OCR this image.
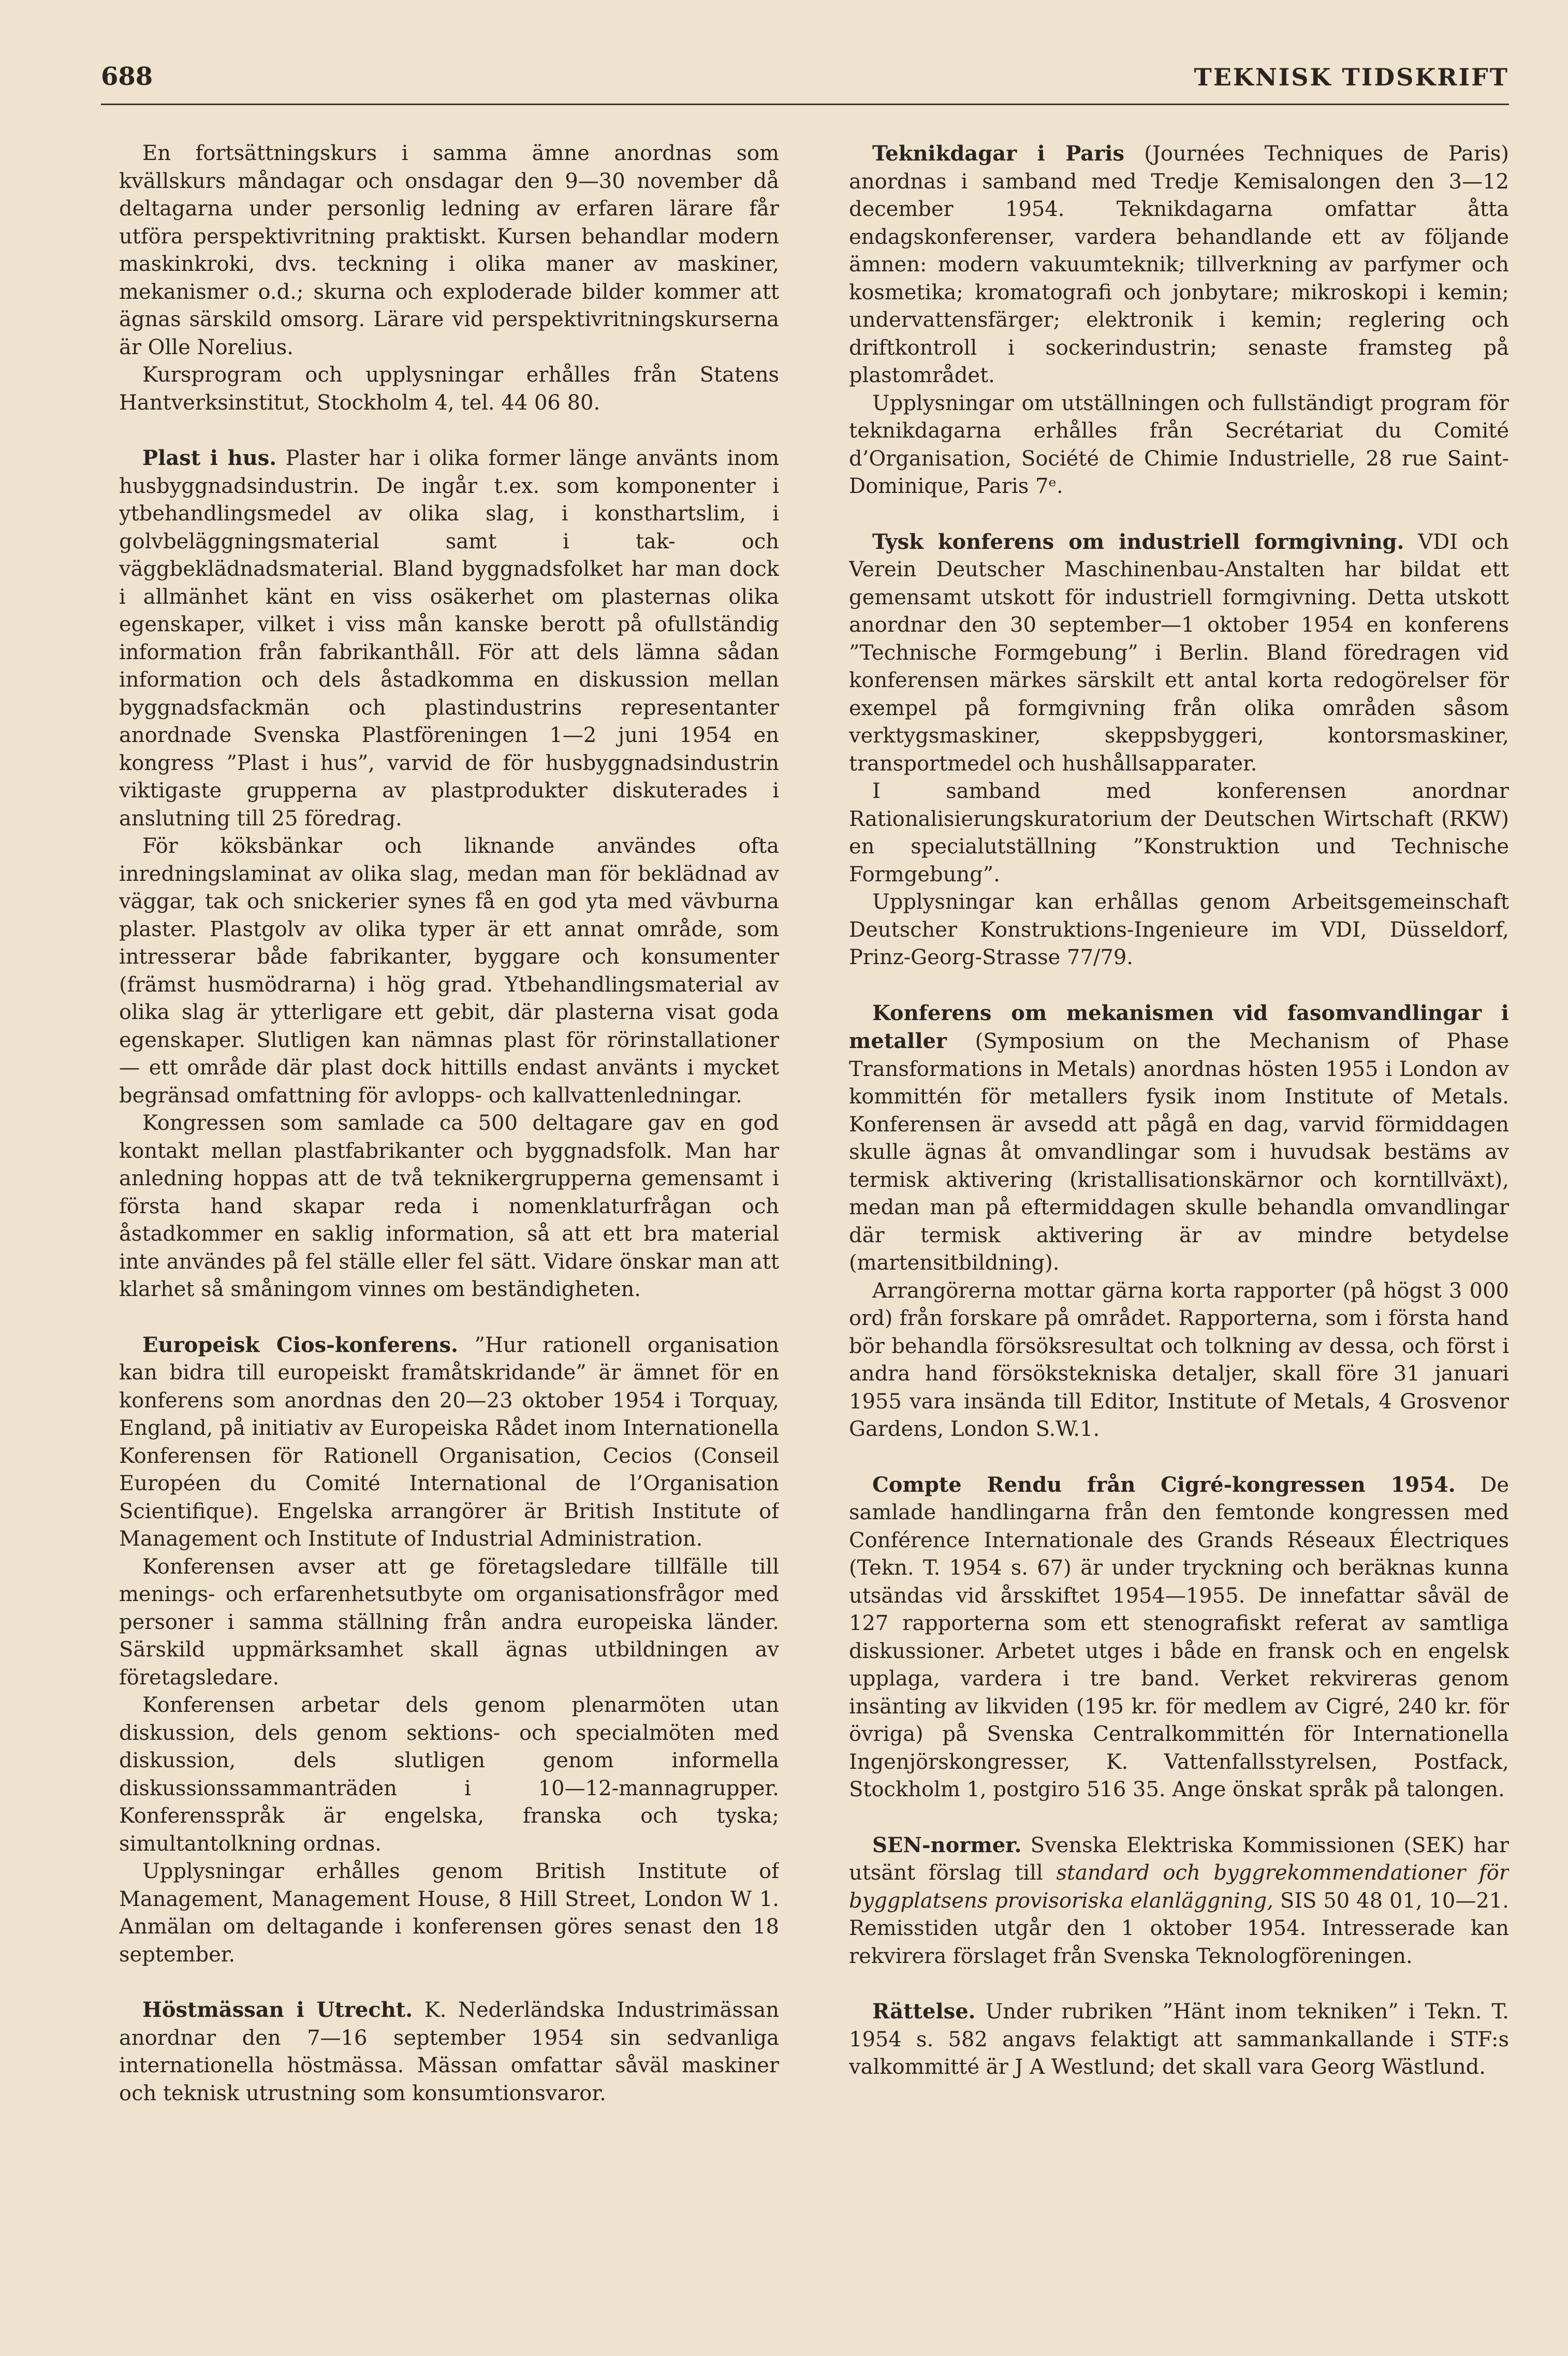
688	TEKNISK TIDSKRIFT

En fortsättningskurs i samma ämne anordnas som kvällskurs måndagar och onsdagar den 9—30 november då deltagarna under personlig ledning av erfaren lärare får utföra perspektivritning praktiskt. Kursen behandlar modern maskinkroki, dvs. teckning i olika maner av maskiner, mekanismer o.d.; skurna och exploderade bilder kommer att ägnas särskild omsorg. Lärare vid perspektivritningskurserna är Olle Norelius.

Kursprogram och upplysningar erhålles från Statens Hantverksinstitut, Stockholm 4, tel. 44 06 80.

Plast i hus. Plaster har i olika former länge använts inom husbyggnadsindustrin. De ingår t.ex. som komponenter i ytbehandlingsmedel av olika slag, i konsthartslim, i golvbeläggningsmaterial samt i tak- och väggbeklädnadsmaterial. Bland byggnadsfolket har man dock i allmänhet känt en viss osäkerhet om plasternas olika egenskaper, vilket i viss mån kanske berott på ofullständig information från fabrikanthåll. För att dels lämna sådan information och dels åstadkomma en diskussion mellan byggnadsfackmän och plastindustrins representanter anordnade Svenska Plastföreningen 1—2 juni 1954 en kongress ”Plast i hus”, varvid de för husbyggnadsindustrin viktigaste grupperna av plastprodukter diskuterades i anslutning till 25 föredrag.

För köksbänkar och liknande användes ofta inredningslaminat av olika slag, medan man för beklädnad av väggar, tak och snickerier synes få en god yta med vävburna plaster. Plastgolv av olika typer är ett annat område, som intresserar både fabrikanter, byggare och konsumenter (främst husmödrarna) i hög grad. Ytbehandlingsmaterial av olika slag är ytterligare ett gebit, där plasterna visat goda egenskaper. Slutligen kan nämnas plast för rörinstallationer — ett område där plast dock hittills endast använts i mycket begränsad omfattning för avlopps- och kallvattenledningar.

Kongressen som samlade ca 500 deltagare gav en god kontakt mellan plastfabrikanter och byggnadsfolk. Man har anledning hoppas att de två teknikergrupperna gemensamt i första hand skapar reda i nomenklaturfrågan och åstadkommer en saklig information, så att ett bra material inte användes på fel ställe eller fel sätt. Vidare önskar man att klarhet så småningom vinnes om beständigheten.

Europeisk Cios-konferens. ”Hur rationell organisation kan bidra till europeiskt framåtskridande” är ämnet för en konferens som anordnas den 20—23 oktober 1954 i Torquay, England, på initiativ av Europeiska Rådet inom Internationella Konferensen för Rationell Organisation, Cecios (Conseil Européen du Comité International de l’Organisation Scientifique). Engelska arrangörer är British Institute of Management och Institute of Industrial Administration.

Konferensen avser att ge företagsledare tillfälle till menings- och erfarenhetsutbyte om organisationsfrågor med personer i samma ställning från andra europeiska länder. Särskild uppmärksamhet skall ägnas utbildningen av företagsledare.

Konferensen arbetar dels genom plenarmöten utan diskussion, dels genom sektions- och specialmöten med diskussion, dels slutligen genom informella diskussionssammanträden i 10—12-mannagrupper. Konferensspråk är engelska, franska och tyska; simultantolkning ordnas.

Upplysningar erhålles genom British Institute of Management, Management House, 8 Hill Street, London W 1. Anmälan om deltagande i konferensen göres senast den 18 september.

Höstmässan i Utrecht. K. Nederländska Industrimässan anordnar den 7—16 september 1954 sin sedvanliga internationella höstmässa. Mässan omfattar såväl maskiner och teknisk utrustning som konsumtionsvaror.

Teknikdagar i Paris (Journées Techniques de Paris) anordnas i samband med Tredje Kemisalongen den 3—12 december 1954. Teknikdagarna omfattar åtta endagskonferenser, vardera behandlande ett av följande ämnen: modern vakuumteknik; tillverkning av parfymer och kosmetika; kromatografi och jonbytare; mikroskopi i kemin; undervattensfärger; elektronik i kemin; reglering och driftkontroll i sockerindustrin; senaste framsteg på plastområdet.

Upplysningar om utställningen och fullständigt program för teknikdagarna erhålles från Secrétariat du Comité d’Organisation, Société de Chimie Industrielle, 28 rue Saint-Dominique, Paris 7ᵉ.

Tysk konferens om industriell formgivning. VDI och Verein Deutscher Maschinenbau-Anstalten har bildat ett gemensamt utskott för industriell formgivning. Detta utskott anordnar den 30 september—1 oktober 1954 en konferens ”Technische Formgebung” i Berlin. Bland föredragen vid konferensen märkes särskilt ett antal korta redogörelser för exempel på formgivning från olika områden såsom verktygsmaskiner, skeppsbyggeri, kontorsmaskiner, transportmedel och hushållsapparater.

I samband med konferensen anordnar Rationalisierungskuratorium der Deutschen Wirtschaft (RKW) en specialutställning ”Konstruktion und Technische Formgebung”.

Upplysningar kan erhållas genom Arbeitsgemeinschaft Deutscher Konstruktions-Ingenieure im VDI, Düsseldorf, Prinz-Georg-Strasse 77/79.

Konferens om mekanismen vid fasomvandlingar i metaller (Symposium on the Mechanism of Phase Transformations in Metals) anordnas hösten 1955 i London av kommittén för metallers fysik inom Institute of Metals. Konferensen är avsedd att pågå en dag, varvid förmiddagen skulle ägnas åt omvandlingar som i huvudsak bestäms av termisk aktivering (kristallisationskärnor och korntillväxt), medan man på eftermiddagen skulle behandla omvandlingar där termisk aktivering är av mindre betydelse (martensitbildning).

Arrangörerna mottar gärna korta rapporter (på högst 3 000 ord) från forskare på området. Rapporterna, som i första hand bör behandla försöksresultat och tolkning av dessa, och först i andra hand försökstekniska detaljer, skall före 31 januari 1955 vara insända till Editor, Institute of Metals, 4 Grosvenor Gardens, London S.W.1.

Compte Rendu från Cigré-kongressen 1954. De samlade handlingarna från den femtonde kongressen med Conférence Internationale des Grands Réseaux Électriques (Tekn. T. 1954 s. 67) är under tryckning och beräknas kunna utsändas vid årsskiftet 1954—1955. De innefattar såväl de 127 rapporterna som ett stenografiskt referat av samtliga diskussioner. Arbetet utges i både en fransk och en engelsk upplaga, vardera i tre band. Verket rekvireras genom insänting av likviden (195 kr. för medlem av Cigré, 240 kr. för övriga) på Svenska Centralkommittén för Internationella Ingenjörskongresser, K. Vattenfallsstyrelsen, Postfack, Stockholm 1, postgiro 516 35. Ange önskat språk på talongen.

SEN-normer. Svenska Elektriska Kommissionen (SEK) har utsänt förslag till standard och byggrekommendationer för byggplatsens provisoriska elanläggning, SIS 50 48 01, 10—21. Remisstiden utgår den 1 oktober 1954. Intresserade kan rekvirera förslaget från Svenska Teknologföreningen.

Rättelse. Under rubriken ”Hänt inom tekniken” i Tekn. T. 1954 s. 582 angavs felaktigt att sammankallande i STF:s valkommitté är J A Westlund; det skall vara Georg Wästlund.
